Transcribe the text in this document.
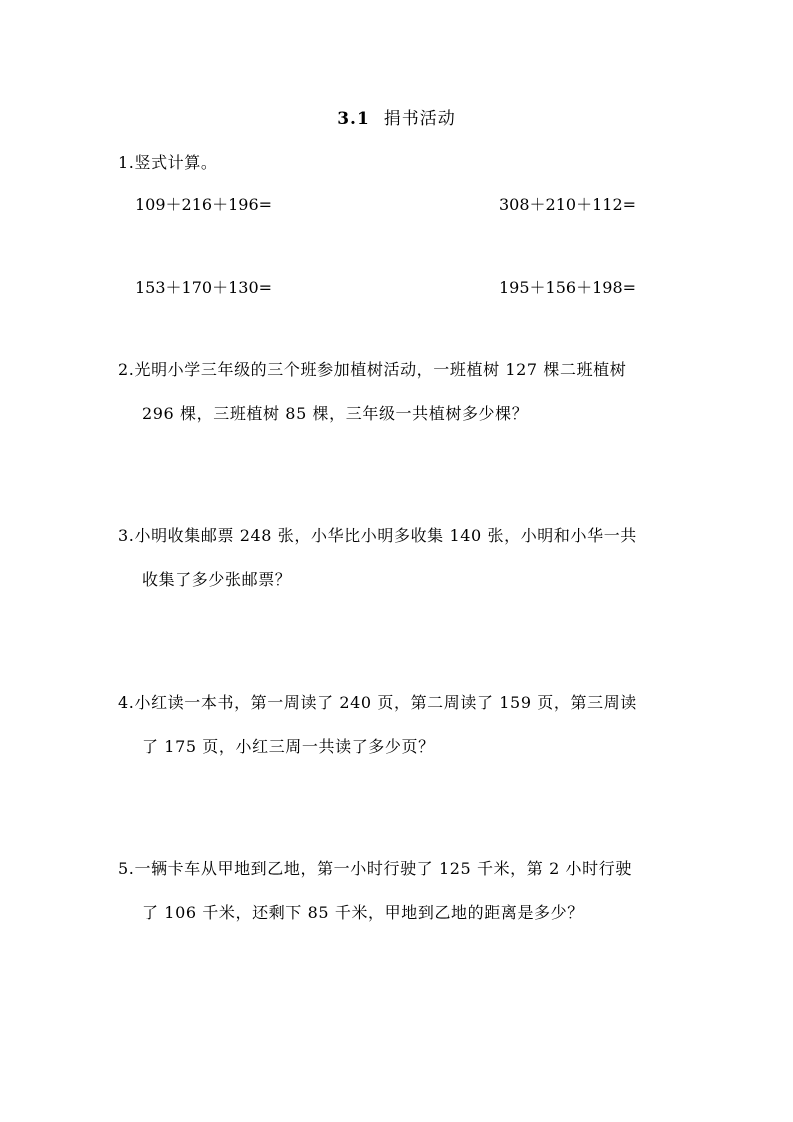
3.1 捐书活动
1.竖式计算。
109＋216＋196=	308＋210＋112=
153＋170＋130=	195＋156＋198=
2.光明小学三年级的三个班参加植树活动，一班植树 127 棵二班植树
296 棵，三班植树 85 棵，三年级一共植树多少棵？
3.小明收集邮票 248 张，小华比小明多收集 140 张，小明和小华一共
收集了多少张邮票？
4.小红读一本书，第一周读了 240 页，第二周读了 159 页，第三周读
了 175 页，小红三周一共读了多少页？
5.一辆卡车从甲地到乙地，第一小时行驶了 125 千米，第 2 小时行驶
了 106 千米，还剩下 85 千米，甲地到乙地的距离是多少？
